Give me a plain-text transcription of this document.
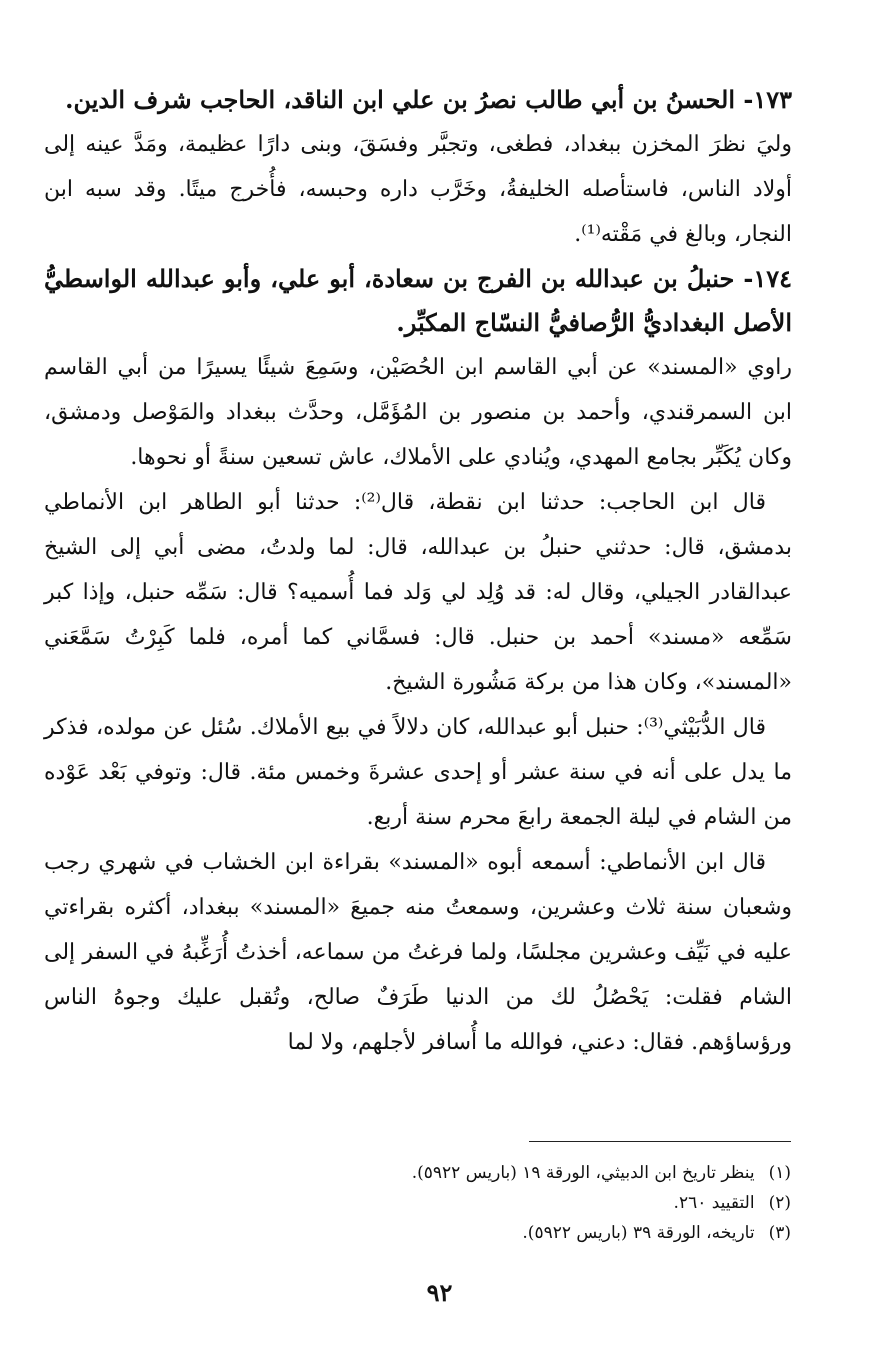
١٧٣- الحسنُ بن أبي طالب نصرُ بن علي ابن الناقد، الحاجب شرف الدين.

وليَ نظرَ المخزن ببغداد، فطغى، وتجبَّر وفسَقَ، وبنى دارًا عظيمة، ومَدَّ عينه إلى أولاد الناس، فاستأصله الخليفةُ، وخَرَّب داره وحبسه، فأُخرج ميتًا. وقد سبه ابن النجار، وبالغ في مَقْته⁽¹⁾.

١٧٤- حنبلُ بن عبدالله بن الفرج بن سعادة، أبو علي، وأبو عبدالله الواسطيُّ الأصل البغداديُّ الرُّصافيُّ النسّاج المكبِّر.

راوي «المسند» عن أبي القاسم ابن الحُصَيْن، وسَمِعَ شيئًا يسيرًا من أبي القاسم ابن السمرقندي، وأحمد بن منصور بن المُؤَمَّل، وحدَّث ببغداد والمَوْصل ودمشق، وكان يُكَبِّر بجامع المهدي، ويُنادي على الأملاك، عاش تسعين سنةً أو نحوها.

قال ابن الحاجب: حدثنا ابن نقطة، قال⁽²⁾: حدثنا أبو الطاهر ابن الأنماطي بدمشق، قال: حدثني حنبلُ بن عبدالله، قال: لما ولدتُ، مضى أبي إلى الشيخ عبدالقادر الجيلي، وقال له: قد وُلِد لي وَلد فما أُسميه؟ قال: سَمِّه حنبل، وإذا كبر سَمِّعه «مسند» أحمد بن حنبل. قال: فسمَّاني كما أمره، فلما كَبِرْتُ سَمَّعَني «المسند»، وكان هذا من بركة مَشُورة الشيخ.

قال الدُّبَيْثي⁽³⁾: حنبل أبو عبدالله، كان دلالاً في بيع الأملاك. سُئل عن مولده، فذكر ما يدل على أنه في سنة عشر أو إحدى عشرةَ وخمس مئة. قال: وتوفي بَعْد عَوْده من الشام في ليلة الجمعة رابعَ محرم سنة أربع.

قال ابن الأنماطي: أسمعه أبوه «المسند» بقراءة ابن الخشاب في شهري رجب وشعبان سنة ثلاث وعشرين، وسمعتُ منه جميعَ «المسند» ببغداد، أكثره بقراءتي عليه في نَيِّف وعشرين مجلسًا، ولما فرغتُ من سماعه، أخذتُ أُرَغِّبهُ في السفر إلى الشام فقلت: يَحْصُلُ لك من الدنيا طَرَفٌ صالح، وتُقبل عليك وجوهُ الناس ورؤساؤهم. فقال: دعني، فوالله ما أُسافر لأجلهم، ولا لما

(١)
ينظر تاريخ ابن الدبيثي، الورقة ١٩ (باريس ٥٩٢٢).

(٢)
التقييد ٢٦٠.

(٣)
تاريخه، الورقة ٣٩ (باريس ٥٩٢٢).

٩٢
